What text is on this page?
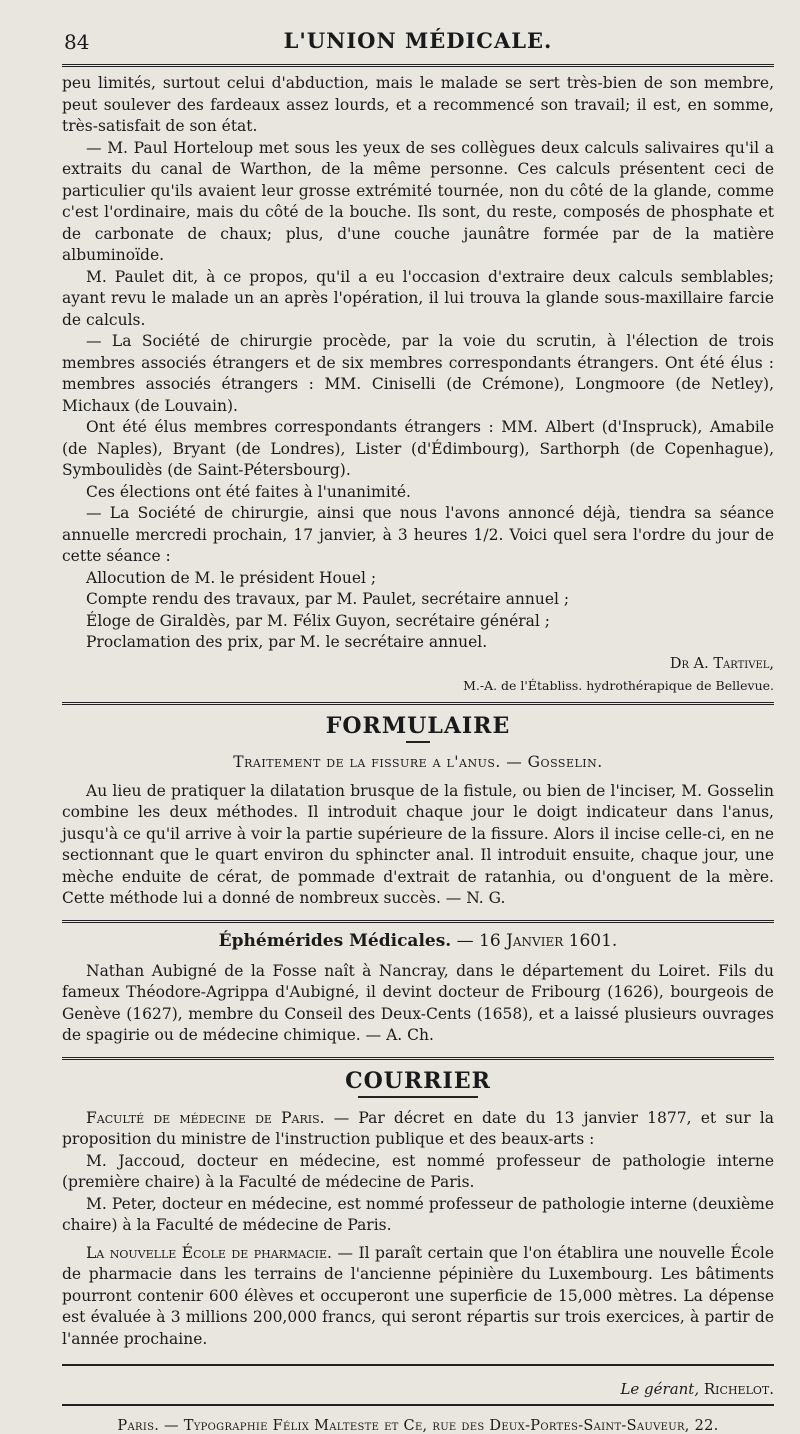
84	L'UNION MÉDICALE.

peu limités, surtout celui d'abduction, mais le malade se sert très-bien de son membre, peut soulever des fardeaux assez lourds, et a recommencé son travail; il est, en somme, très-satisfait de son état.

— M. Paul Horteloup met sous les yeux de ses collègues deux calculs salivaires qu'il a extraits du canal de Warthon, de la même personne. Ces calculs présentent ceci de particulier qu'ils avaient leur grosse extrémité tournée, non du côté de la glande, comme c'est l'ordinaire, mais du côté de la bouche. Ils sont, du reste, composés de phosphate et de carbonate de chaux; plus, d'une couche jaunâtre formée par de la matière albuminoïde.

M. Paulet dit, à ce propos, qu'il a eu l'occasion d'extraire deux calculs semblables; ayant revu le malade un an après l'opération, il lui trouva la glande sous-maxillaire farcie de calculs.

— La Société de chirurgie procède, par la voie du scrutin, à l'élection de trois membres associés étrangers et de six membres correspondants étrangers. Ont été élus : membres associés étrangers : MM. Ciniselli (de Crémone), Longmoore (de Netley), Michaux (de Louvain).

Ont été élus membres correspondants étrangers : MM. Albert (d'Inspruck), Amabile (de Naples), Bryant (de Londres), Lister (d'Édimbourg), Sarthorph (de Copenhague), Symboulidès (de Saint-Pétersbourg).

Ces élections ont été faites à l'unanimité.

— La Société de chirurgie, ainsi que nous l'avons annoncé déjà, tiendra sa séance annuelle mercredi prochain, 17 janvier, à 3 heures 1/2. Voici quel sera l'ordre du jour de cette séance :

Allocution de M. le président Houel ;

Compte rendu des travaux, par M. Paulet, secrétaire annuel ;

Éloge de Giraldès, par M. Félix Guyon, secrétaire général ;

Proclamation des prix, par M. le secrétaire annuel.

Dr A. Tartivel,
M.-A. de l'Établiss. hydrothérapique de Bellevue.
FORMULAIRE
Traitement de la fissure a l'anus. — Gosselin.

Au lieu de pratiquer la dilatation brusque de la fistule, ou bien de l'inciser, M. Gosselin combine les deux méthodes. Il introduit chaque jour le doigt indicateur dans l'anus, jusqu'à ce qu'il arrive à voir la partie supérieure de la fissure. Alors il incise celle-ci, en ne sectionnant que le quart environ du sphincter anal. Il introduit ensuite, chaque jour, une mèche enduite de cérat, de pommade d'extrait de ratanhia, ou d'onguent de la mère. Cette méthode lui a donné de nombreux succès. — N. G.

Éphémérides Médicales. — 16 Janvier 1601.

Nathan Aubigné de la Fosse naît à Nancray, dans le département du Loiret. Fils du fameux Théodore-Agrippa d'Aubigné, il devint docteur de Fribourg (1626), bourgeois de Genève (1627), membre du Conseil des Deux-Cents (1658), et a laissé plusieurs ouvrages de spagirie ou de médecine chimique. — A. Ch.

COURRIER

Faculté de médecine de Paris. — Par décret en date du 13 janvier 1877, et sur la proposition du ministre de l'instruction publique et des beaux-arts :

M. Jaccoud, docteur en médecine, est nommé professeur de pathologie interne (première chaire) à la Faculté de médecine de Paris.

M. Peter, docteur en médecine, est nommé professeur de pathologie interne (deuxième chaire) à la Faculté de médecine de Paris.

La nouvelle École de pharmacie. — Il paraît certain que l'on établira une nouvelle École de pharmacie dans les terrains de l'ancienne pépinière du Luxembourg. Les bâtiments pourront contenir 600 élèves et occuperont une superficie de 15,000 mètres. La dépense est évaluée à 3 millions 200,000 francs, qui seront répartis sur trois exercices, à partir de l'année prochaine.

Le gérant, Richelot.
Paris. — Typographie Félix Malteste et Ce, rue des Deux-Portes-Saint-Sauveur, 22.
